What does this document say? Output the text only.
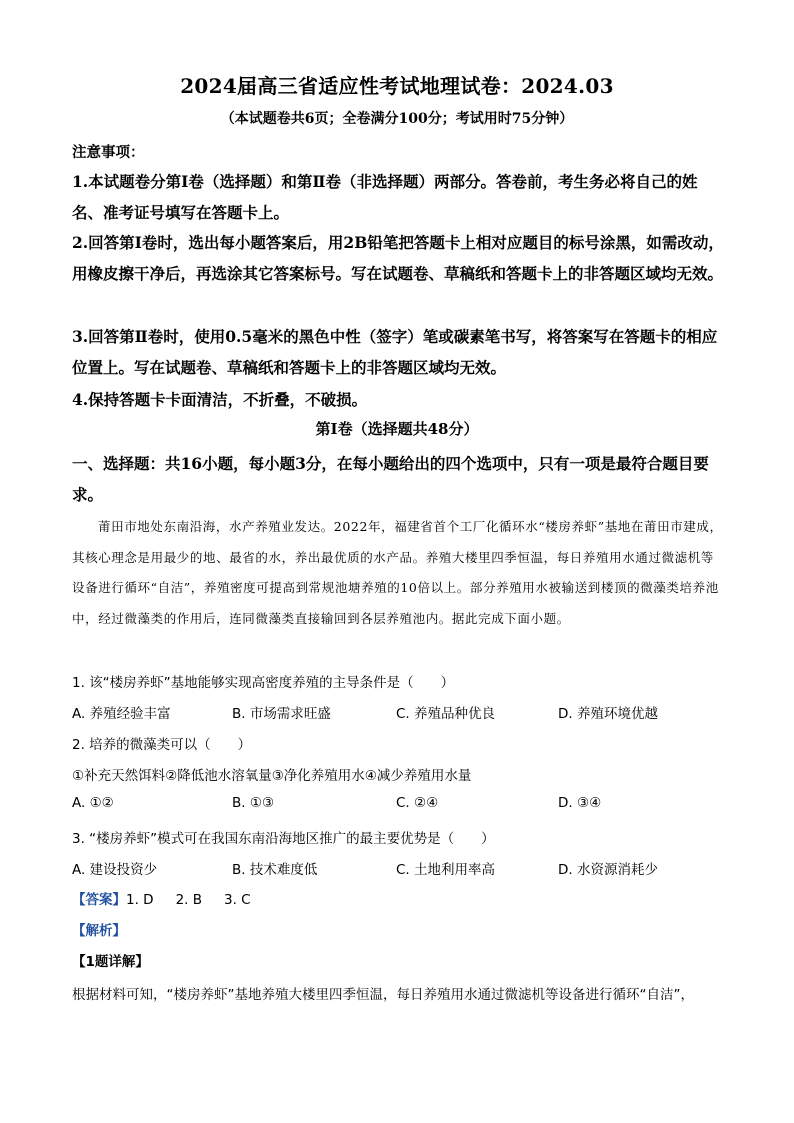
2024届高三省适应性考试地理试卷：2024.03
（本试题卷共6页；全卷满分100分；考试用时75分钟）
注意事项：
1.本试题卷分第Ⅰ卷（选择题）和第Ⅱ卷（非选择题）两部分。答卷前，考生务必将自己的姓名、准考证号填写在答题卡上。
2.回答第Ⅰ卷时，选出每小题答案后，用2B铅笔把答题卡上相对应题目的标号涂黑，如需改动，用橡皮擦干净后，再选涂其它答案标号。写在试题卷、草稿纸和答题卡上的非答题区域均无效。
3.回答第Ⅱ卷时，使用0.5毫米的黑色中性（签字）笔或碳素笔书写，将答案写在答题卡的相应位置上。写在试题卷、草稿纸和答题卡上的非答题区域均无效。
4.保持答题卡卡面清洁，不折叠，不破损。
第Ⅰ卷（选择题共48分）
一、选择题：共16小题，每小题3分，在每小题给出的四个选项中，只有一项是最符合题目要求。
莆田市地处东南沿海，水产养殖业发达。2022年，福建省首个工厂化循环水“楼房养虾”基地在莆田市建成，其核心理念是用最少的地、最省的水，养出最优质的水产品。养殖大楼里四季恒温，每日养殖用水通过微滤机等设备进行循环“自洁”，养殖密度可提高到常规池塘养殖的10倍以上。部分养殖用水被输送到楼顶的微藻类培养池中，经过微藻类的作用后，连同微藻类直接输回到各层养殖池内。据此完成下面小题。
1. 该“楼房养虾”基地能够实现高密度养殖的主导条件是（　　）
A. 养殖经验丰富	B. 市场需求旺盛	C. 养殖品种优良	D. 养殖环境优越
2. 培养的微藻类可以（　　）
①补充天然饵料②降低池水溶氧量③净化养殖用水④减少养殖用水量
A. ①②	B. ①③	C. ②④	D. ③④
3. “楼房养虾”模式可在我国东南沿海地区推广的最主要优势是（　　）
A. 建设投资少	B. 技术难度低	C. 土地利用率高	D. 水资源消耗少
【答案】1. D 2. B 3. C
【解析】
【1题详解】
根据材料可知，“楼房养虾”基地养殖大楼里四季恒温，每日养殖用水通过微滤机等设备进行循环“自洁”，
